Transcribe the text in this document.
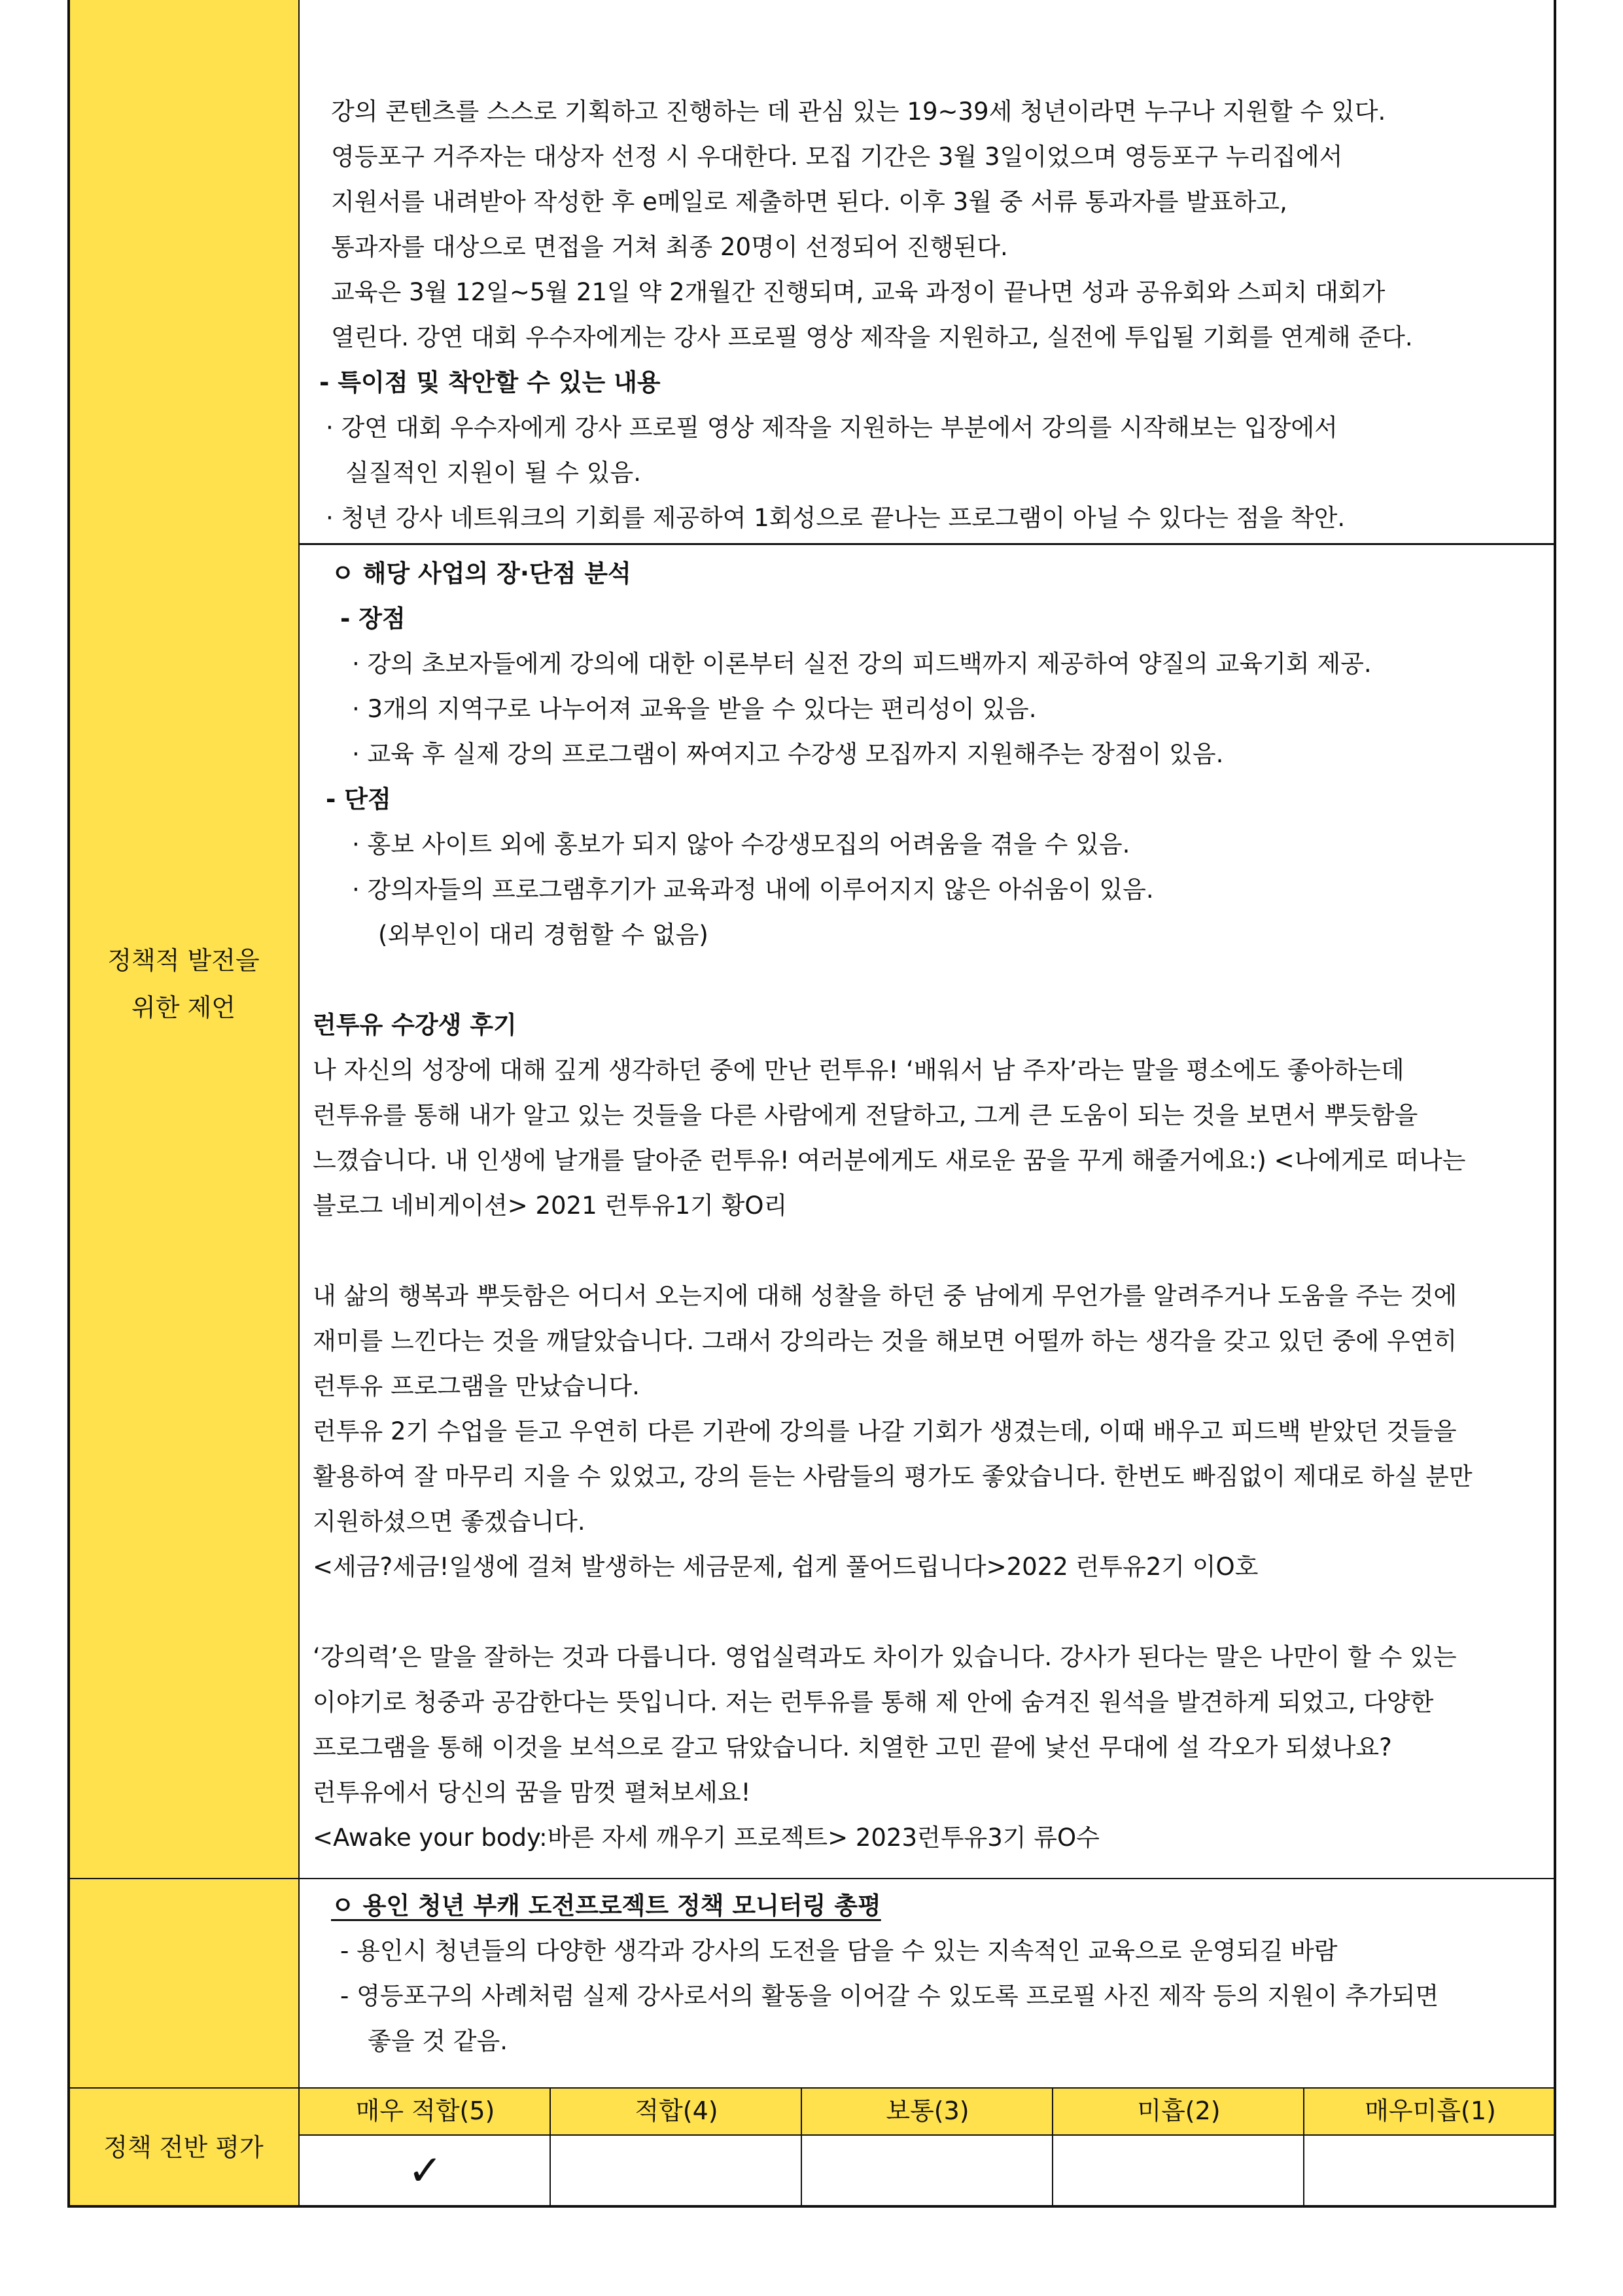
정책적 발전을
위한 제언
정책 전반 평가
강의 콘텐츠를 스스로 기획하고 진행하는 데 관심 있는 19~39세 청년이라면 누구나 지원할 수 있다.
영등포구 거주자는 대상자 선정 시 우대한다. 모집 기간은 3월 3일이었으며 영등포구 누리집에서
지원서를 내려받아 작성한 후 e메일로 제출하면 된다. 이후 3월 중 서류 통과자를 발표하고,
통과자를 대상으로 면접을 거쳐 최종 20명이 선정되어 진행된다.
교육은 3월 12일~5월 21일 약 2개월간 진행되며, 교육 과정이 끝나면 성과 공유회와 스피치 대회가
열린다. 강연 대회 우수자에게는 강사 프로필 영상 제작을 지원하고, 실전에 투입될 기회를 연계해 준다.
- 특이점 및 착안할 수 있는 내용
· 강연 대회 우수자에게 강사 프로필 영상 제작을 지원하는 부분에서 강의를 시작해보는 입장에서
실질적인 지원이 될 수 있음.
· 청년 강사 네트워크의 기회를 제공하여 1회성으로 끝나는 프로그램이 아닐 수 있다는 점을 착안.
ㅇ 해당 사업의 장·단점 분석
- 장점
· 강의 초보자들에게 강의에 대한 이론부터 실전 강의 피드백까지 제공하여 양질의 교육기회 제공.
· 3개의 지역구로 나누어져 교육을 받을 수 있다는 편리성이 있음.
· 교육 후 실제 강의 프로그램이 짜여지고 수강생 모집까지 지원해주는 장점이 있음.
- 단점
· 홍보 사이트 외에 홍보가 되지 않아 수강생모집의 어려움을 겪을 수 있음.
· 강의자들의 프로그램후기가 교육과정 내에 이루어지지 않은 아쉬움이 있음.
(외부인이 대리 경험할 수 없음)
런투유 수강생 후기
나 자신의 성장에 대해 깊게 생각하던 중에 만난 런투유! ‘배워서 남 주자’라는 말을 평소에도 좋아하는데
런투유를 통해 내가 알고 있는 것들을 다른 사람에게 전달하고, 그게 큰 도움이 되는 것을 보면서 뿌듯함을
느꼈습니다. 내 인생에 날개를 달아준 런투유! 여러분에게도 새로운 꿈을 꾸게 해줄거에요:) <나에게로 떠나는
블로그 네비게이션> 2021 런투유1기 황O리
내 삶의 행복과 뿌듯함은 어디서 오는지에 대해 성찰을 하던 중 남에게 무언가를 알려주거나 도움을 주는 것에
재미를 느낀다는 것을 깨달았습니다. 그래서 강의라는 것을 해보면 어떨까 하는 생각을 갖고 있던 중에 우연히
런투유 프로그램을 만났습니다.
런투유 2기 수업을 듣고 우연히 다른 기관에 강의를 나갈 기회가 생겼는데, 이때 배우고 피드백 받았던 것들을
활용하여 잘 마무리 지을 수 있었고, 강의 듣는 사람들의 평가도 좋았습니다. 한번도 빠짐없이 제대로 하실 분만
지원하셨으면 좋겠습니다.
<세금?세금!일생에 걸쳐 발생하는 세금문제, 쉽게 풀어드립니다>2022 런투유2기 이O호
‘강의력’은 말을 잘하는 것과 다릅니다. 영업실력과도 차이가 있습니다. 강사가 된다는 말은 나만이 할 수 있는
이야기로 청중과 공감한다는 뜻입니다. 저는 런투유를 통해 제 안에 숨겨진 원석을 발견하게 되었고, 다양한
프로그램을 통해 이것을 보석으로 갈고 닦았습니다. 치열한 고민 끝에 낯선 무대에 설 각오가 되셨나요?
런투유에서 당신의 꿈을 맘껏 펼쳐보세요!
<Awake your body:바른 자세 깨우기 프로젝트> 2023런투유3기 류O수
ㅇ 용인 청년 부캐 도전프로젝트 정책 모니터링 총평
- 용인시 청년들의 다양한 생각과 강사의 도전을 담을 수 있는 지속적인 교육으로 운영되길 바람
- 영등포구의 사례처럼 실제 강사로서의 활동을 이어갈 수 있도록 프로필 사진 제작 등의 지원이 추가되면
좋을 것 같음.
매우 적합(5)	적합(4)	보통(3)	미흡(2)	매우미흡(1)
✓
